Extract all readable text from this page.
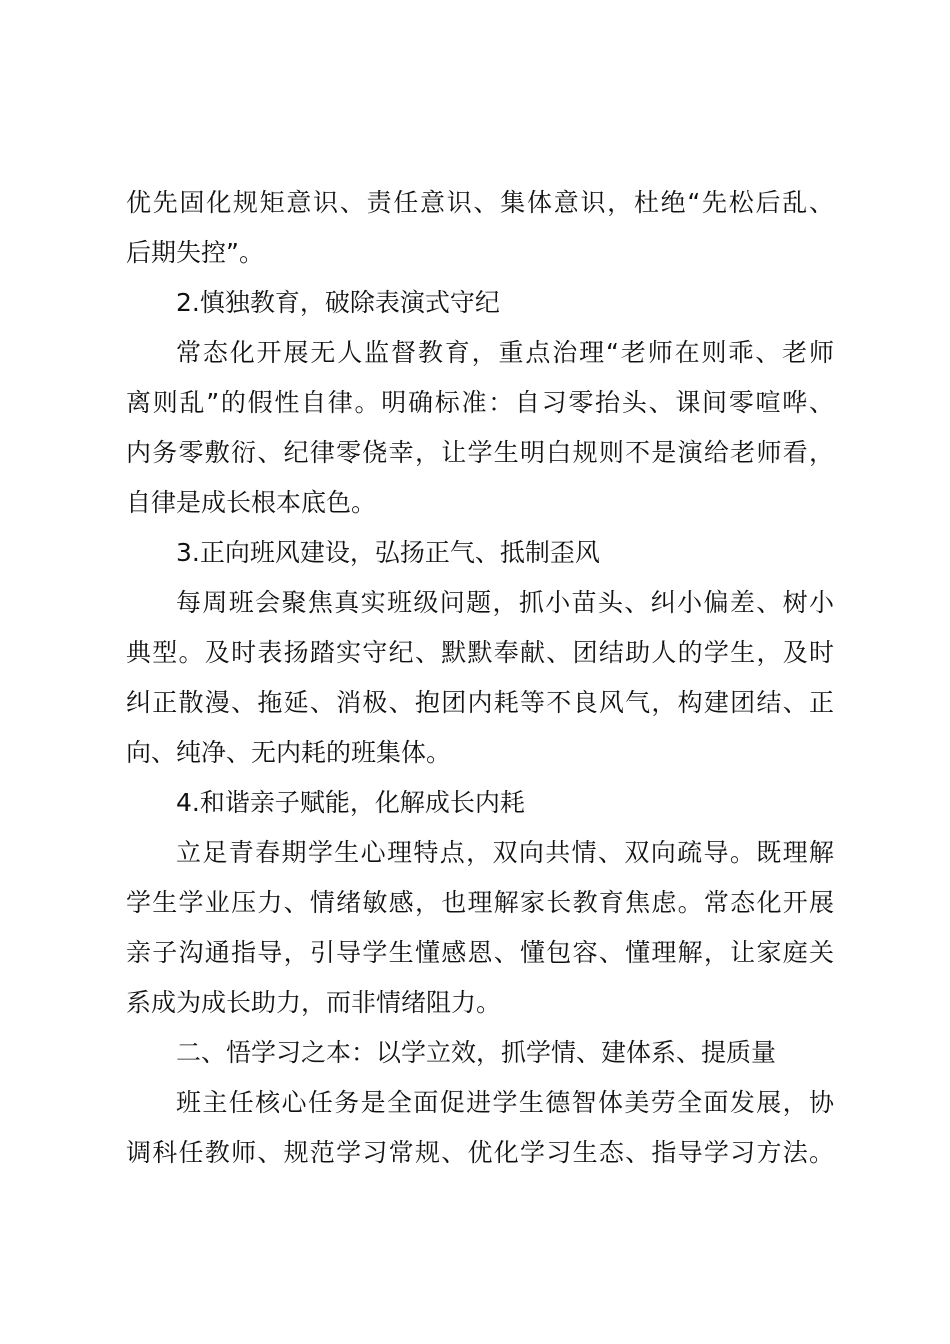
优先固化规矩意识、责任意识、集体意识，杜绝“先松后乱、
后期失控”。
2.慎独教育，破除表演式守纪
常态化开展无人监督教育，重点治理“老师在则乖、老师
离则乱”的假性自律。明确标准：自习零抬头、课间零喧哗、
内务零敷衍、纪律零侥幸，让学生明白规则不是演给老师看，
自律是成长根本底色。
3.正向班风建设，弘扬正气、抵制歪风
每周班会聚焦真实班级问题，抓小苗头、纠小偏差、树小
典型。及时表扬踏实守纪、默默奉献、团结助人的学生，及时
纠正散漫、拖延、消极、抱团内耗等不良风气，构建团结、正
向、纯净、无内耗的班集体。
4.和谐亲子赋能，化解成长内耗
立足青春期学生心理特点，双向共情、双向疏导。既理解
学生学业压力、情绪敏感，也理解家长教育焦虑。常态化开展
亲子沟通指导，引导学生懂感恩、懂包容、懂理解，让家庭关
系成为成长助力，而非情绪阻力。
二、悟学习之本：以学立效，抓学情、建体系、提质量
班主任核心任务是全面促进学生德智体美劳全面发展，协
调科任教师、规范学习常规、优化学习生态、指导学习方法。
